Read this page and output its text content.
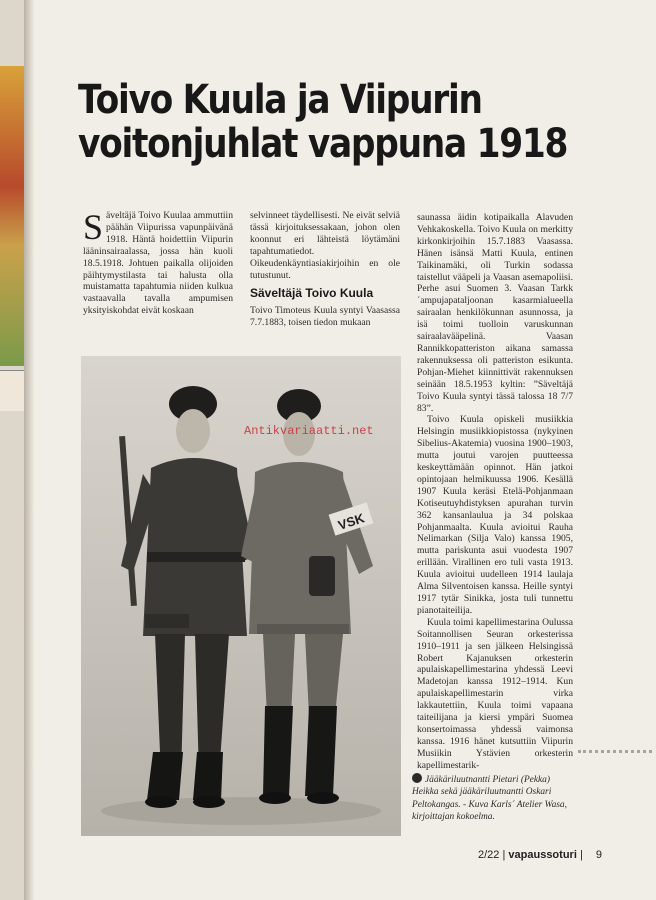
Toivo Kuula ja Viipurin
voitonjuhlat vappuna 1918

Säveltäjä Toivo Kuulaa ammuttiin päähän Viipurissa vapunpäivänä 1918. Häntä hoidettiin Viipurin lääninsairaalassa, jossa hän kuoli 18.5.1918. Johtuen paikalla olijoiden päihtymystilasta tai halusta olla muistamatta tapahtumia niiden kulkua vastaavalla tavalla ampumisen yksityiskohdat eivät koskaan

selvinneet täydellisesti. Ne eivät selviä tässä kirjoituksessakaan, johon olen koonnut eri lähteistä löytämäni tapahtumatiedot. Oikeudenkäyntiasiakirjoihin en ole tutustunut.

Säveltäjä Toivo Kuula

Toivo Timoteus Kuula syntyi Vaasassa 7.7.1883, toisen tiedon mukaan

saunassa äidin kotipaikalla Alavuden Vehkakoskella. Toivo Kuula on merkitty kirkonkirjoihin 15.7.1883 Vaasassa. Hänen isänsä Matti Kuula, entinen Taikinamäki, oli Turkin sodassa taistellut vääpeli ja Vaasan asemapoliisi. Perhe asui Suomen 3. Vaasan Tarkk´ampujapataljoonan kasarmialueella sairaalan henkilökunnan asunnossa, ja isä toimi tuolloin varuskunnan sairaalavääpelinä. Vaasan Rannikkopatteriston aikana samassa rakennuksessa oli patteriston esikunta. Pohjan-Miehet kiinnittivät rakennuksen seinään 18.5.1953 kyltin: ”Säveltäjä Toivo Kuula syntyi tässä talossa 18 7/7 83”.

Toivo Kuula opiskeli musiikkia Helsingin musiikkiopistossa (nykyinen Sibelius-Akatemia) vuosina 1900–1903, mutta joutui varojen puutteessa keskeyttämään opinnot. Hän jatkoi opintojaan helmikuussa 1906. Kesällä 1907 Kuula keräsi Etelä-Pohjanmaan Kotiseutuyhdistyksen apurahan turvin 362 kansanlaulua ja 34 polskaa Pohjanmaalta. Kuula avioitui Rauha Nelimarkan (Silja Valo) kanssa 1905, mutta pariskunta asui vuodesta 1907 erillään. Virallinen ero tuli vasta 1913. Kuula avioitui uudelleen 1914 laulaja Alma Silventoisen kanssa. Heille syntyi 1917 tytär Sinikka, josta tuli tunnettu pianotaiteilija.

Kuula toimi kapellimestarina Oulussa Soitannollisen Seuran orkesterissa 1910–1911 ja sen jälkeen Helsingissä Robert Kajanuksen orkesterin apulaiskapellimestarina yhdessä Leevi Madetojan kanssa 1912–1914. Kun apulaiskapellimestarin virka lakkautettiin, Kuula toimi vapaana taiteilijana ja kiersi ympäri Suomea konsertoimassa yhdessä vaimonsa kanssa. 1916 hänet kutsuttiin Viipurin Musiikin Ystävien orkesterin kapellimestarik-

VSK
Antikvariaatti.net

Jääkäriluutnantti Pietari (Pekka) Heikka sekä jääkäriluutnantti Oskari Peltokangas. - Kuva Karls´ Atelier Wasa, kirjoittajan kokoelma.

2/22 | vapaussoturi | 9
